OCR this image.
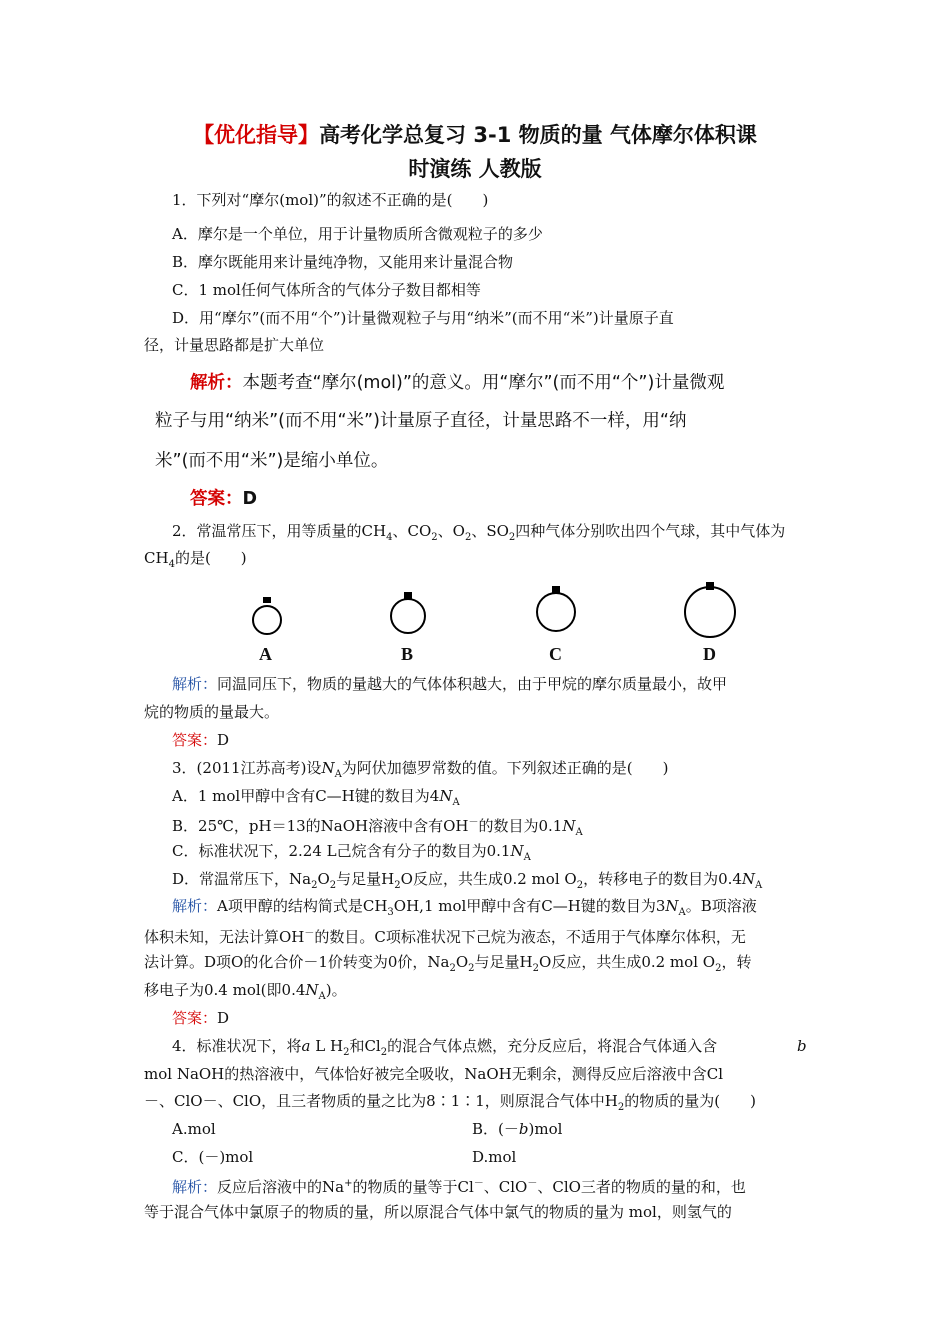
【优化指导】高考化学总复习 3-1 物质的量 气体摩尔体积课
时演练 人教版
1．下列对“摩尔(mol)”的叙述不正确的是(　　)
A．摩尔是一个单位，用于计量物质所含微观粒子的多少
B．摩尔既能用来计量纯净物，又能用来计量混合物
C．1 mol任何气体所含的气体分子数目都相等
D．用“摩尔”(而不用“个”)计量微观粒子与用“纳米”(而不用“米”)计量原子直
径，计量思路都是扩大单位
解析：本题考查“摩尔(mol)”的意义。用“摩尔”(而不用“个”)计量微观
粒子与用“纳米”(而不用“米”)计量原子直径，计量思路不一样，用“纳
米”(而不用“米”)是缩小单位。
答案：D
2．常温常压下，用等质量的$CH_4$、$CO_2$、$O_2$、$SO_2$四种气体分别吹出四个气球，其中气体为
$CH_4$的是(　　)
A	B	C	D
解析：同温同压下，物质的量越大的气体体积越大，由于甲烷的摩尔质量最小，故甲
烷的物质的量最大。
答案：D
3．(2011江苏高考)设$N_A$为阿伏加德罗常数的值。下列叙述正确的是(　　)
A．1 mol甲醇中含有C—H键的数目为$4N_A$
B．25℃，pH＝13的NaOH溶液中含有OH－的数目为$0.1N_A$
C．标准状况下，2.24 L己烷含有分子的数目为$0.1N_A$
D．常温常压下，$Na_2O_2$与足量$H_2O$反应，共生成0.2 mol $O_2$，转移电子的数目为$0.4N_A$
解析：A项甲醇的结构简式是$CH_3OH,1$ mol甲醇中含有C—H键的数目为$3N_A$。B项溶液
体积未知，无法计算OH－的数目。C项标准状况下己烷为液态，不适用于气体摩尔体积，无
法计算。D项O的化合价－1价转变为0价，$Na_2O_2$与足量$H_2O$反应，共生成0.2 mol $O_2$，转
移电子为0.4 mol(即$0.4N_A$)。
答案：D
4．标准状况下，将a L $H_2$和$Cl_2$的混合气体点燃，充分反应后，将混合气体通入含	b
mol NaOH的热溶液中，气体恰好被完全吸收，NaOH无剩余，测得反应后溶液中含Cl
－、ClO－、ClO，且三者物质的量之比为8∶1∶1，则原混合气体中$H_2$的物质的量为(　　)
A.mol	B．(－b)mol
C．(－)mol	D.mol
解析：反应后溶液中的Na+的物质的量等于Cl－、ClO－、ClO三者的物质的量的和，也
等于混合气体中氯原子的物质的量，所以原混合气体中氯气的物质的量为 mol，则氢气的
